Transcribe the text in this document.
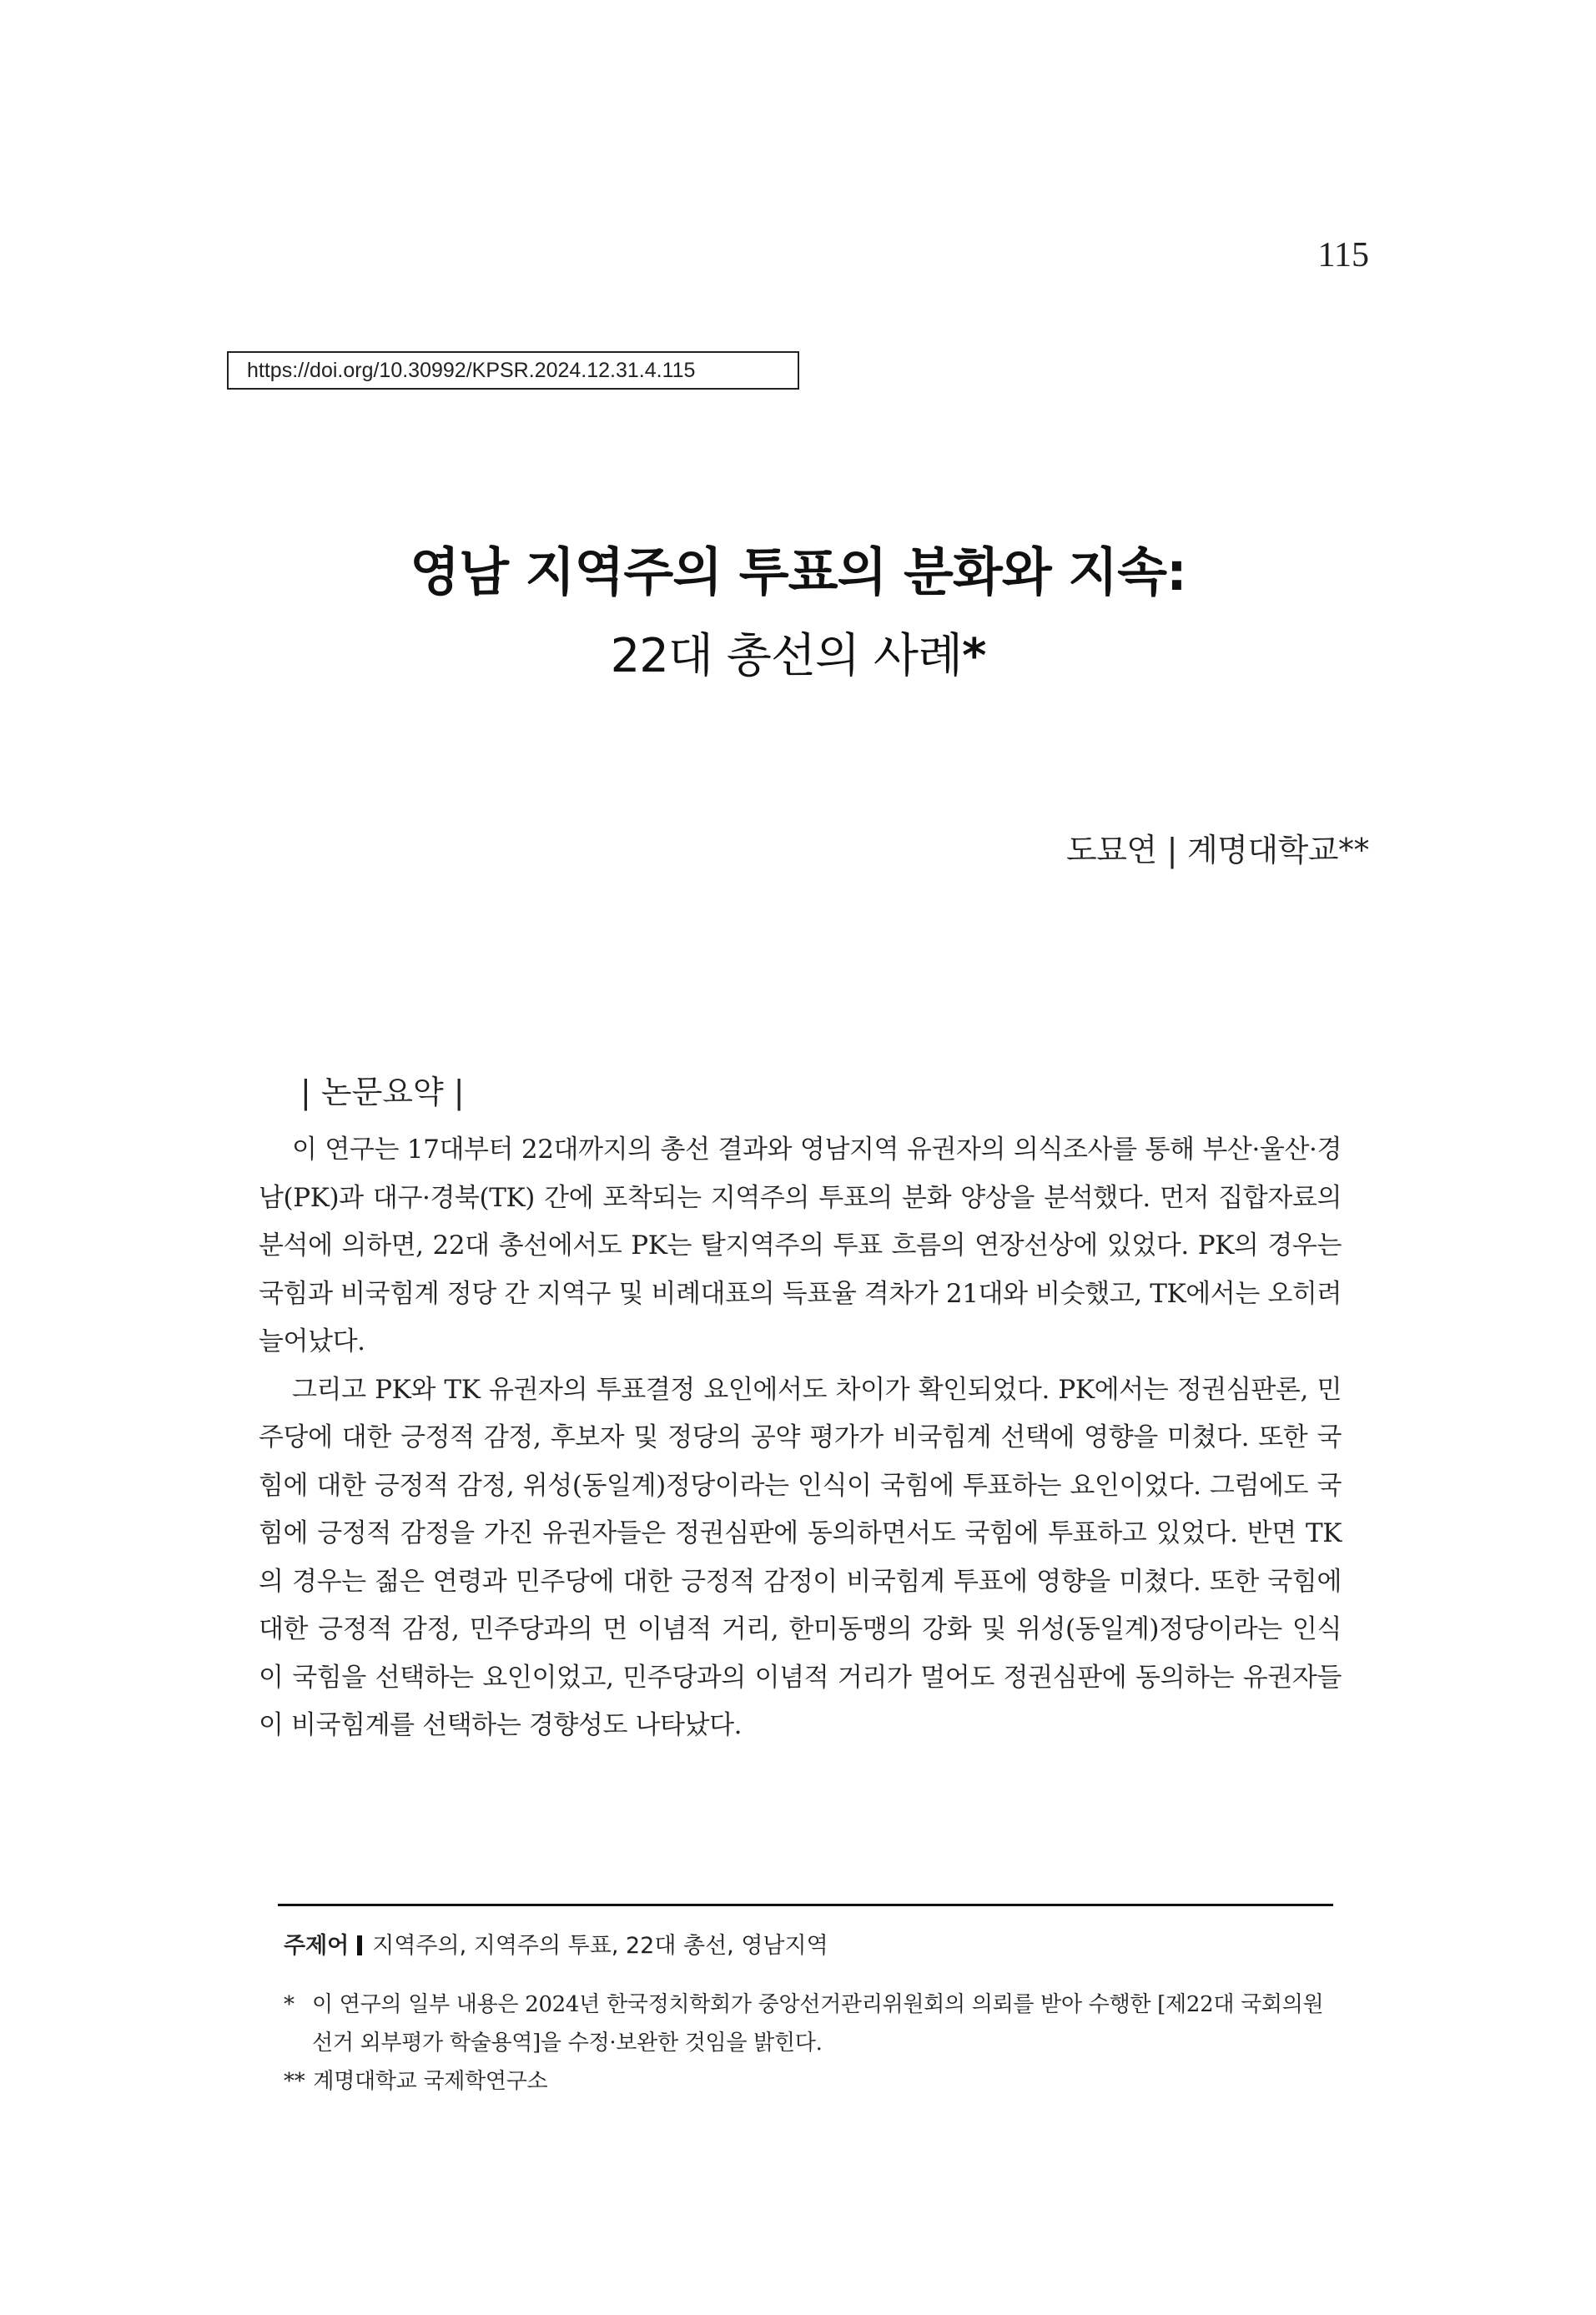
115
https://doi.org/10.30992/KPSR.2024.12.31.4.115
영남 지역주의 투표의 분화와 지속:
22대 총선의 사례*
도묘연 | 계명대학교**
| 논문요약 |

이 연구는 17대부터 22대까지의 총선 결과와 영남지역 유권자의 의식조사를 통해 부산·울산·경남(PK)과 대구·경북(TK) 간에 포착되는 지역주의 투표의 분화 양상을 분석했다. 먼저 집합자료의 분석에 의하면, 22대 총선에서도 PK는 탈지역주의 투표 흐름의 연장선상에 있었다. PK의 경우는 국힘과 비국힘계 정당 간 지역구 및 비례대표의 득표율 격차가 21대와 비슷했고, TK에서는 오히려 늘어났다.

그리고 PK와 TK 유권자의 투표결정 요인에서도 차이가 확인되었다. PK에서는 정권심판론, 민주당에 대한 긍정적 감정, 후보자 및 정당의 공약 평가가 비국힘계 선택에 영향을 미쳤다. 또한 국힘에 대한 긍정적 감정, 위성(동일계)정당이라는 인식이 국힘에 투표하는 요인이었다. 그럼에도 국힘에 긍정적 감정을 가진 유권자들은 정권심판에 동의하면서도 국힘에 투표하고 있었다. 반면 TK의 경우는 젊은 연령과 민주당에 대한 긍정적 감정이 비국힘계 투표에 영향을 미쳤다. 또한 국힘에 대한 긍정적 감정, 민주당과의 먼 이념적 거리, 한미동맹의 강화 및 위성(동일계)정당이라는 인식이 국힘을 선택하는 요인이었고, 민주당과의 이념적 거리가 멀어도 정권심판에 동의하는 유권자들이 비국힘계를 선택하는 경향성도 나타났다.

주제어 지역주의, 지역주의 투표, 22대 총선, 영남지역
* 이 연구의 일부 내용은 2024년 한국정치학회가 중앙선거관리위원회의 의뢰를 받아 수행한 [제22대 국회의원선거 외부평가 학술용역]을 수정·보완한 것임을 밝힌다.
** 계명대학교 국제학연구소
